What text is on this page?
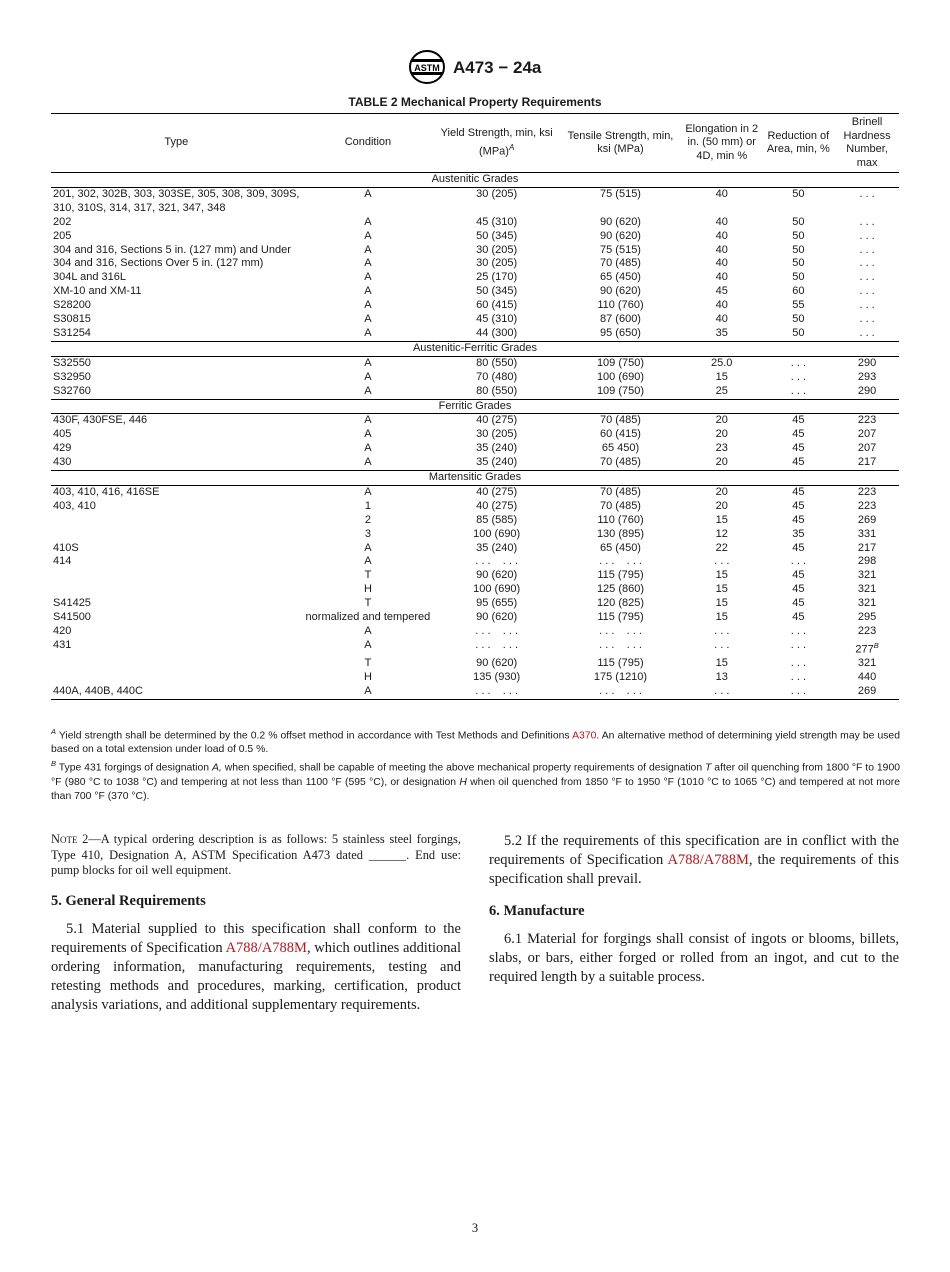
ASTM A473 − 24a
TABLE 2 Mechanical Property Requirements
Type	Condition	Yield Strength, min, ksi (MPa)$^A$	Tensile Strength, min, ksi (MPa)	Elongation in 2 in. (50 mm) or 4D, min %	Reduction of Area, min, %	Brinell Hardness Number, max
Austenitic Grades						
201, 302, 302B, 303, 303SE, 305, 308, 309, 309S, 310, 310S, 314, 317, 321, 347, 348	A	30 (205)	75 (515)	40	50	. . .
202	A	45 (310)	90 (620)	40	50	. . .
205	A	50 (345)	90 (620)	40	50	. . .
304 and 316, Sections 5 in. (127 mm) and Under	A	30 (205)	75 (515)	40	50	. . .
304 and 316, Sections Over 5 in. (127 mm)	A	30 (205)	70 (485)	40	50	. . .
304L and 316L	A	25 (170)	65 (450)	40	50	. . .
XM-10 and XM-11	A	50 (345)	90 (620)	45	60	. . .
S28200	A	60 (415)	110 (760)	40	55	. . .
S30815	A	45 (310)	87 (600)	40	50	. . .
S31254	A	44 (300)	95 (650)	35	50	. . .
Austenitic-Ferritic Grades						
S32550	A	80 (550)	109 (750)	25.0	. . .	290
S32950	A	70 (480)	100 (690)	15	. . .	293
S32760	A	80 (550)	109 (750)	25	. . .	290
Ferritic Grades						
430F, 430FSE, 446	A	40 (275)	70 (485)	20	45	223
405	A	30 (205)	60 (415)	20	45	207
429	A	35 (240)	65 450)	23	45	207
430	A	35 (240)	70 (485)	20	45	217
Martensitic Grades						
403, 410, 416, 416SE	A	40 (275)	70 (485)	20	45	223
403, 410	1	40 (275)	70 (485)	20	45	223
	2	85 (585)	110 (760)	15	45	269
	3	100 (690)	130 (895)	12	35	331
410S	A	35 (240)	65 (450)	22	45	217
414	A	. . .    . . .	. . .    . . .	. . .	. . .	298
	T	90 (620)	115 (795)	15	45	321
	H	100 (690)	125 (860)	15	45	321
S41425	T	95 (655)	120 (825)	15	45	321
S41500	normalized and tempered	90 (620)	115 (795)	15	45	295
420	A	. . .    . . .	. . .    . . .	. . .	. . .	223
431	A	. . .    . . .	. . .    . . .	. . .	. . .	$277^B$
	T	90 (620)	115 (795)	15	. . .	321
	H	135 (930)	175 (1210)	13	. . .	440
440A, 440B, 440C	A	. . .    . . .	. . .    . . .	. . .	. . .	269

$^A$ Yield strength shall be determined by the 0.2 % offset method in accordance with Test Methods and Definitions A370. An alternative method of determining yield strength may be used based on a total extension under load of 0.5 %.

$^B$ Type 431 forgings of designation A, when specified, shall be capable of meeting the above mechanical property requirements of designation T after oil quenching from 1800 °F to 1900 °F (980 °C to 1038 °C) and tempering at not less than 1100 °F (595 °C), or designation H when oil quenched from 1850 °F to 1950 °F (1010 °C to 1065 °C) and tempered at not more than 700 °F (370 °C).

Note 2—A typical ordering description is as follows: 5 stainless steel forgings, Type 410, Designation A, ASTM Specification A473 dated ______. End use: pump blocks for oil well equipment.

5. General Requirements

5.1 Material supplied to this specification shall conform to the requirements of Specification A788/A788M, which outlines additional ordering information, manufacturing requirements, testing and retesting methods and procedures, marking, certification, product analysis variations, and additional supplementary requirements.

5.2 If the requirements of this specification are in conflict with the requirements of Specification A788/A788M, the requirements of this specification shall prevail.

6. Manufacture

6.1 Material for forgings shall consist of ingots or blooms, billets, slabs, or bars, either forged or rolled from an ingot, and cut to the required length by a suitable process.

3
